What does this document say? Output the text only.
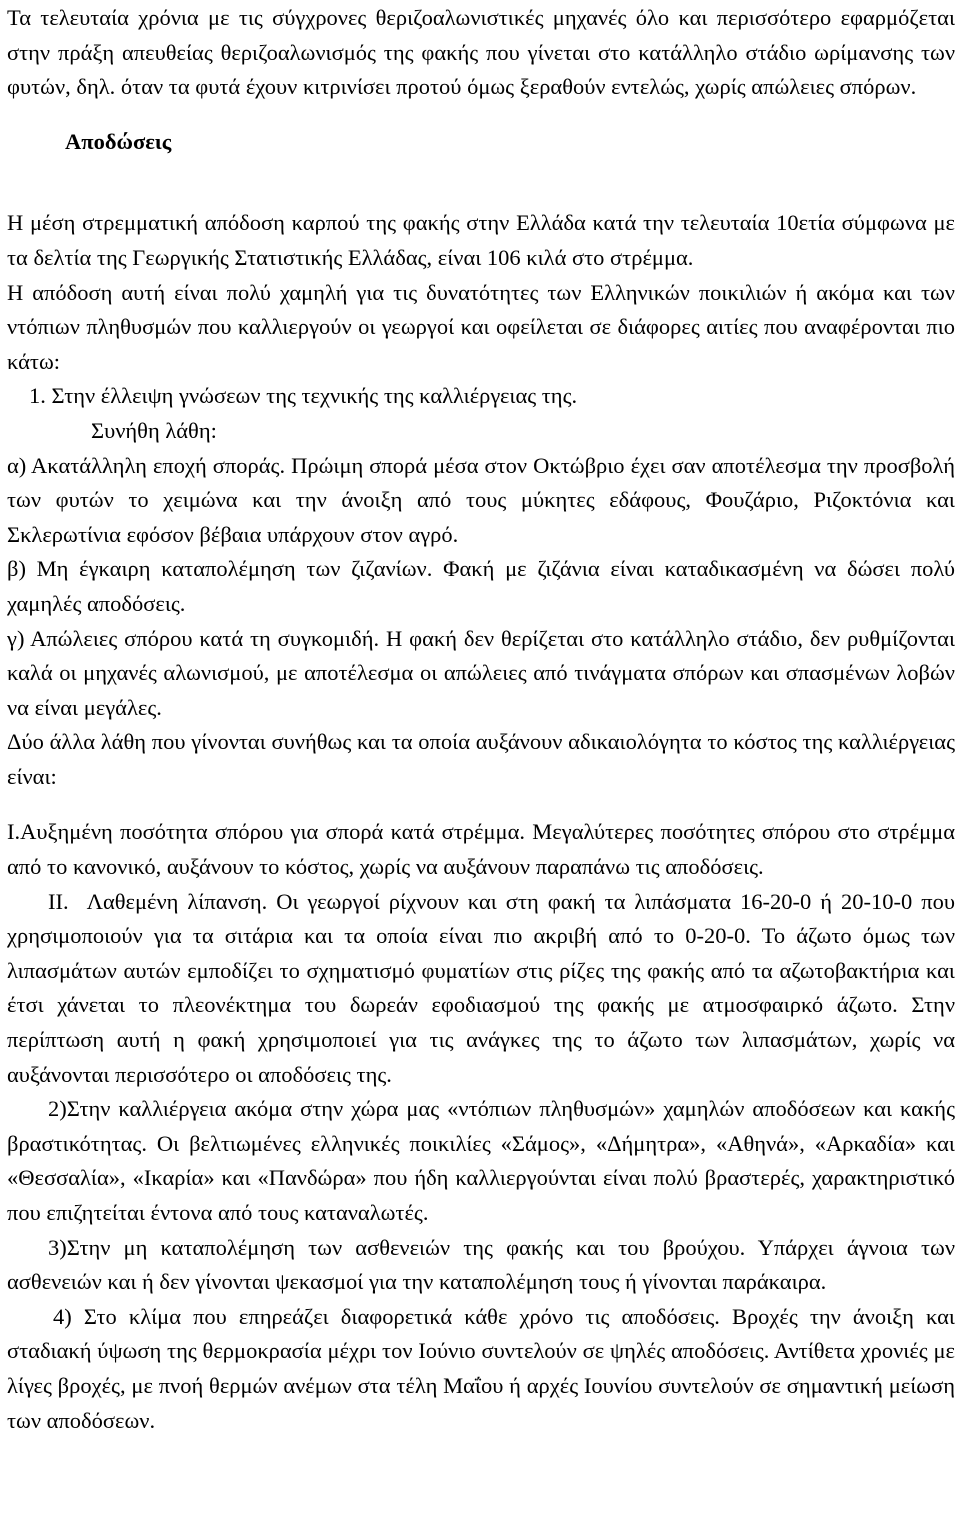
Τα τελευταία χρόνια με τις σύγχρονες θεριζοαλωνιστικές μηχανές όλο και περισσότερο εφαρμόζεται στην πράξη απευθείας θεριζοαλωνισμός της φακής που γίνεται στο κατάλληλο στάδιο ωρίμανσης των φυτών, δηλ. όταν τα φυτά έχουν κιτρινίσει προτού όμως ξεραθούν εντελώς, χωρίς απώλειες σπόρων.

Αποδώσεις

Η μέση στρεμματική απόδοση καρπού της φακής στην Ελλάδα κατά την τελευταία 10ετία σύμφωνα με τα δελτία της Γεωργικής Στατιστικής Ελλάδας, είναι 106 κιλά στο στρέμμα.

Η απόδοση αυτή είναι πολύ χαμηλή για τις δυνατότητες των Ελληνικών ποικιλιών ή ακόμα και των ντόπιων πληθυσμών που καλλιεργούν οι γεωργοί και οφείλεται σε διάφορες αιτίες που αναφέρονται πιο κάτω:

1. Στην έλλειψη γνώσεων της τεχνικής της καλλιέργειας της.

Συνήθη λάθη:

α) Ακατάλληλη εποχή σποράς. Πρώιμη σπορά μέσα στον Οκτώβριο έχει σαν αποτέλεσμα την προσβολή των φυτών το χειμώνα και την άνοιξη από τους μύκητες εδάφους, Φουζάριο, Ριζοκτόνια και Σκλερωτίνια εφόσον βέβαια υπάρχουν στον αγρό.

β) Μη έγκαιρη καταπολέμηση των ζιζανίων. Φακή με ζιζάνια είναι καταδικασμένη να δώσει πολύ χαμηλές αποδόσεις.

γ) Απώλειες σπόρου κατά τη συγκομιδή. Η φακή δεν θερίζεται στο κατάλληλο στάδιο, δεν ρυθμίζονται καλά οι μηχανές αλωνισμού, με αποτέλεσμα οι απώλειες από τινάγματα σπόρων και σπασμένων λοβών να είναι μεγάλες.

Δύο άλλα λάθη που γίνονται συνήθως και τα οποία αυξάνουν αδικαιολόγητα το κόστος της καλλιέργειας είναι:

I.Αυξημένη ποσότητα σπόρου για σπορά κατά στρέμμα. Μεγαλύτερες ποσότητες σπόρου στο στρέμμα από το κανονικό, αυξάνουν το κόστος, χωρίς να αυξάνουν παραπάνω τις αποδόσεις.

II. Λαθεμένη λίπανση. Οι γεωργοί ρίχνουν και στη φακή τα λιπάσματα 16-20-0 ή 20-10-0 που χρησιμοποιούν για τα σιτάρια και τα οποία είναι πιο ακριβή από το 0-20-0. Το άζωτο όμως των λιπασμάτων αυτών εμποδίζει το σχηματισμό φυματίων στις ρίζες της φακής από τα αζωτοβακτήρια και έτσι χάνεται το πλεονέκτημα του δωρεάν εφοδιασμού της φακής με ατμοσφαιρκό άζωτο. Στην περίπτωση αυτή η φακή χρησιμοποιεί για τις ανάγκες της το άζωτο των λιπασμάτων, χωρίς να αυξάνονται περισσότερο οι αποδόσεις της.

2)Στην καλλιέργεια ακόμα στην χώρα μας «ντόπιων πληθυσμών» χαμηλών αποδόσεων και κακής βραστικότητας. Οι βελτιωμένες ελληνικές ποικιλίες «Σάμος», «Δήμητρα», «Αθηνά», «Αρκαδία» και «Θεσσαλία», «Ικαρία» και «Πανδώρα» που ήδη καλλιεργούνται είναι πολύ βραστερές, χαρακτηριστικό που επιζητείται έντονα από τους καταναλωτές.

3)Στην μη καταπολέμηση των ασθενειών της φακής και του βρούχου. Υπάρχει άγνοια των ασθενειών και ή δεν γίνονται ψεκασμοί για την καταπολέμηση τους ή γίνονται παράκαιρα.

4) Στο κλίμα που επηρεάζει διαφορετικά κάθε χρόνο τις αποδόσεις. Βροχές την άνοιξη και σταδιακή ύψωση της θερμοκρασία μέχρι τον Ιούνιο συντελούν σε ψηλές αποδόσεις. Αντίθετα χρονιές με λίγες βροχές, με πνοή θερμών ανέμων στα τέλη Μαΐου ή αρχές Ιουνίου συντελούν σε σημαντική μείωση των αποδόσεων.
